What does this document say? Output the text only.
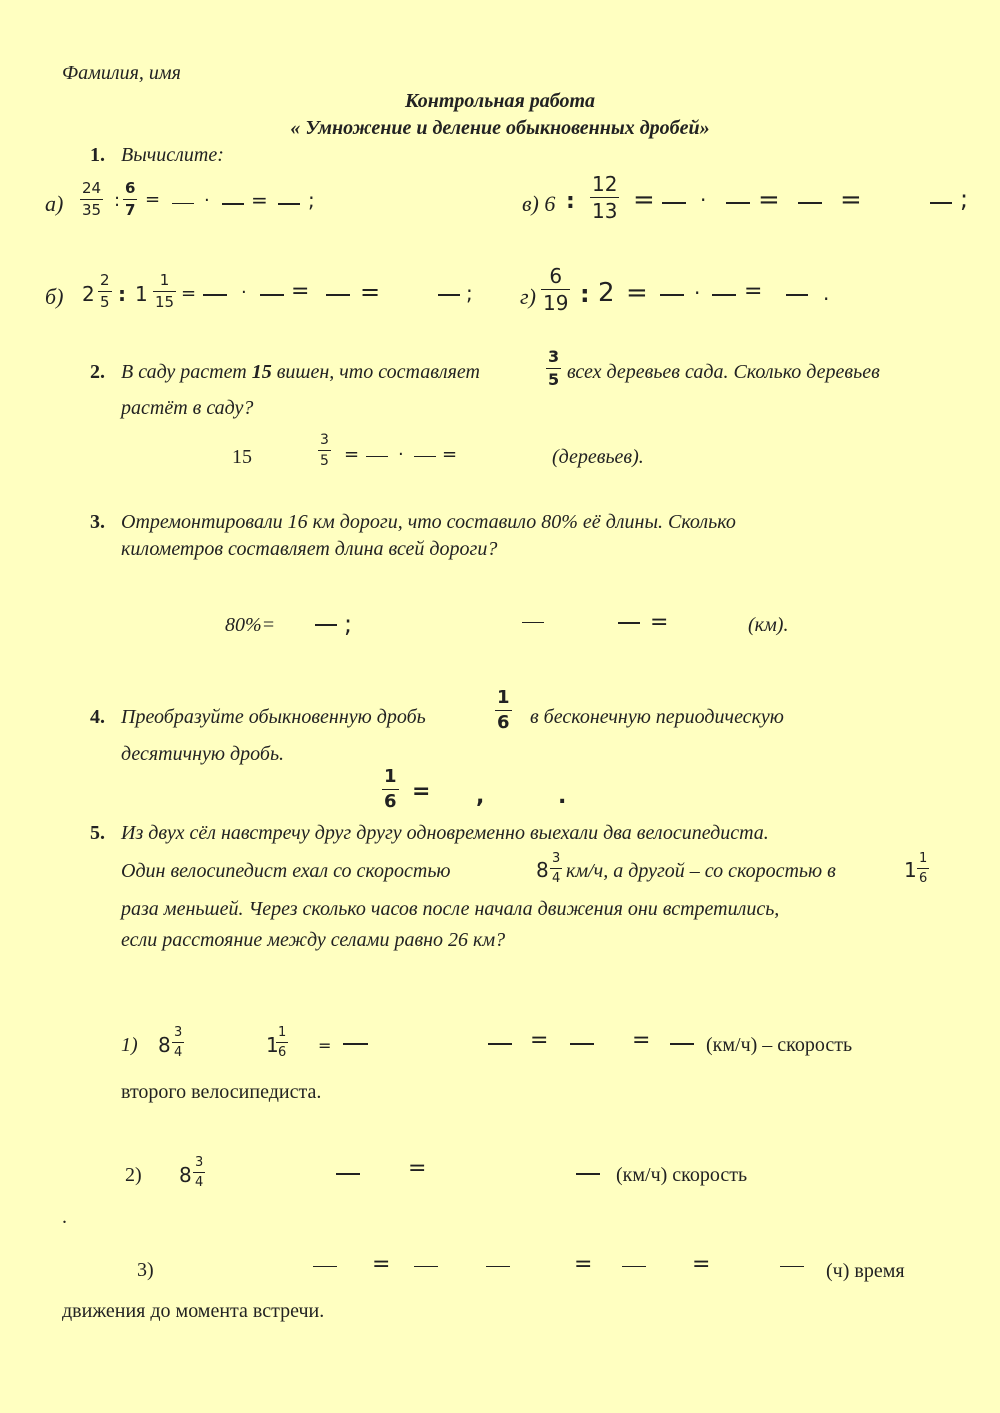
Фамилия, имя
Контрольная работа
« Умножение и деление обыкновенных дробей»
1. Вычислите:
а)
24
35 :
6
7 = · = ;	в) 6 :
12
13 = · = =	;
б) 2
2
5 : 1
1
15 = · = =	; г)
6
19 : 2 = · =	.
2. В саду растет 15 вишен, что составляет
3
5 всех деревьев сада. Сколько деревьев
растёт в саду?
15
3
5 = · =	(деревьев).
3. Отремонтировали 16 км дороги, что составило 80% её длины. Сколько
километров составляет длина всей дороги?
80%=	;	=	(км).
4. Преобразуйте обыкновенную дробь
1
6 в бесконечную периодическую
десятичную дробь.
1
6 = ,	.
5. Из двух сёл навстречу друг другу одновременно выехали два велосипедиста.
Один велосипедист ехал со скоростью	8 3
4 км/ч, а другой – со скоростью в	1 1
6
раза меньшей. Через сколько часов после начала движения они встретились,
если расстояние между селами равно 26 км?
1) 8
3
4	1
1
6 =	=	=	(км/ч) – скорость
второго велосипедиста.
2) 8
3
4
=	(км/ч) скорость
.
3)	=	=	=	(ч) время
движения до момента встречи.
